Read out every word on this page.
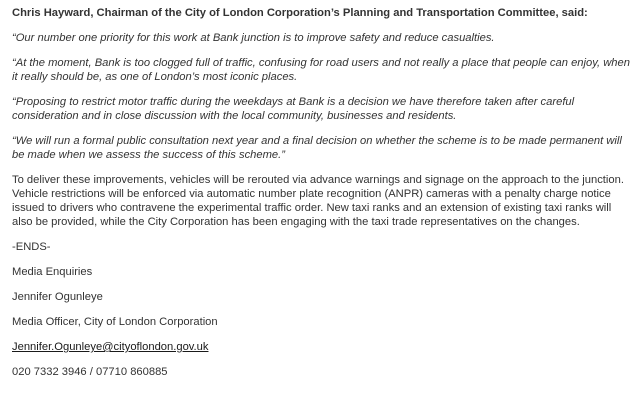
Chris Hayward, Chairman of the City of London Corporation’s Planning and Transportation Committee, said:

“Our number one priority for this work at Bank junction is to improve safety and reduce casualties.

“At the moment, Bank is too clogged full of traffic, confusing for road users and not really a place that people can enjoy, when it really should be, as one of London’s most iconic places.

“Proposing to restrict motor traffic during the weekdays at Bank is a decision we have therefore taken after careful consideration and in close discussion with the local community, businesses and residents.

“We will run a formal public consultation next year and a final decision on whether the scheme is to be made permanent will be made when we assess the success of this scheme.”

To deliver these improvements, vehicles will be rerouted via advance warnings and signage on the approach to the junction. Vehicle restrictions will be enforced via automatic number plate recognition (ANPR) cameras with a penalty charge notice issued to drivers who contravene the experimental traffic order. New taxi ranks and an extension of existing taxi ranks will also be provided, while the City Corporation has been engaging with the taxi trade representatives on the changes.

-ENDS-

Media Enquiries

Jennifer Ogunleye

Media Officer, City of London Corporation

Jennifer.Ogunleye@cityoflondon.gov.uk

020 7332 3946 / 07710 860885
